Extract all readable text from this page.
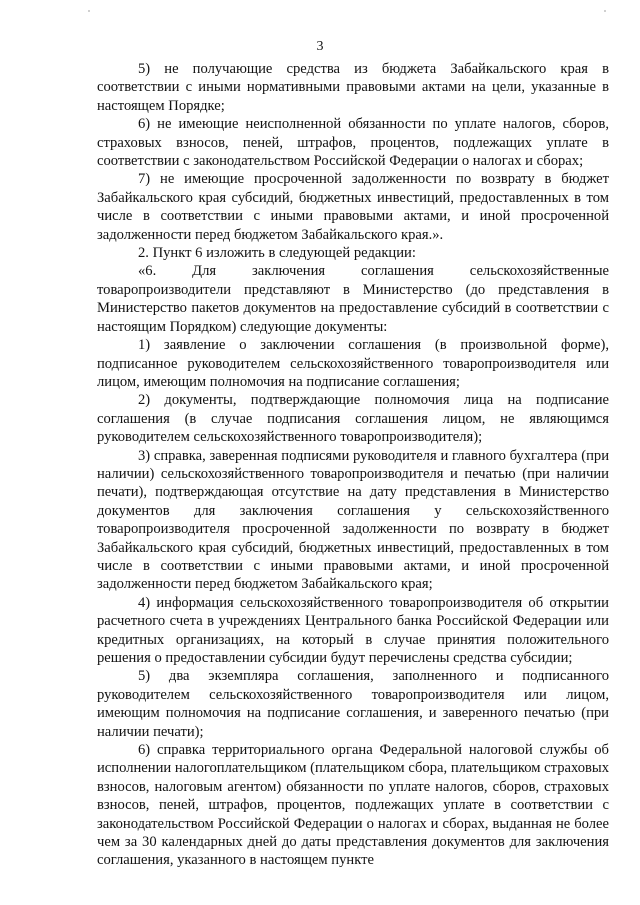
3

5) не получающие средства из бюджета Забайкальского края в соответствии с иными нормативными правовыми актами на цели, указанные в настоящем Порядке;

6) не имеющие неисполненной обязанности по уплате налогов, сборов, страховых взносов, пеней, штрафов, процентов, подлежащих уплате в соответствии с законодательством Российской Федерации о налогах и сборах;

7) не имеющие просроченной задолженности по возврату в бюджет Забайкальского края субсидий, бюджетных инвестиций, предоставленных в том числе в соответствии с иными правовыми актами, и иной просроченной задолженности перед бюджетом Забайкальского края.».

2. Пункт 6 изложить в следующей редакции:

«6. Для заключения соглашения сельскохозяйственные товаропроизводители представляют в Министерство (до представления в Министерство пакетов документов на предоставление субсидий в соответствии с настоящим Порядком) следующие документы:

1) заявление о заключении соглашения (в произвольной форме), подписанное руководителем сельскохозяйственного товаропроизводителя или лицом, имеющим полномочия на подписание соглашения;

2) документы, подтверждающие полномочия лица на подписание соглашения (в случае подписания соглашения лицом, не являющимся руководителем сельскохозяйственного товаропроизводителя);

3) справка, заверенная подписями руководителя и главного бухгалтера (при наличии) сельскохозяйственного товаропроизводителя и печатью (при наличии печати), подтверждающая отсутствие на дату представления в Министерство документов для заключения соглашения у сельскохозяйственного товаропроизводителя просроченной задолженности по возврату в бюджет Забайкальского края субсидий, бюджетных инвестиций, предоставленных в том числе в соответствии с иными правовыми актами, и иной просроченной задолженности перед бюджетом Забайкальского края;

4) информация сельскохозяйственного товаропроизводителя об открытии расчетного счета в учреждениях Центрального банка Российской Федерации или кредитных организациях, на который в случае принятия положительного решения о предоставлении субсидии будут перечислены средства субсидии;

5) два экземпляра соглашения, заполненного и подписанного руководителем сельскохозяйственного товаропроизводителя или лицом, имеющим полномочия на подписание соглашения, и заверенного печатью (при наличии печати);

6) справка территориального органа Федеральной налоговой службы об исполнении налогоплательщиком (плательщиком сбора, плательщиком страховых взносов, налоговым агентом) обязанности по уплате налогов, сборов, страховых взносов, пеней, штрафов, процентов, подлежащих уплате в соответствии с законодательством Российской Федерации о налогах и сборах, выданная не более чем за 30 календарных дней до даты представления документов для заключения соглашения, указанного в настоящем пункте
